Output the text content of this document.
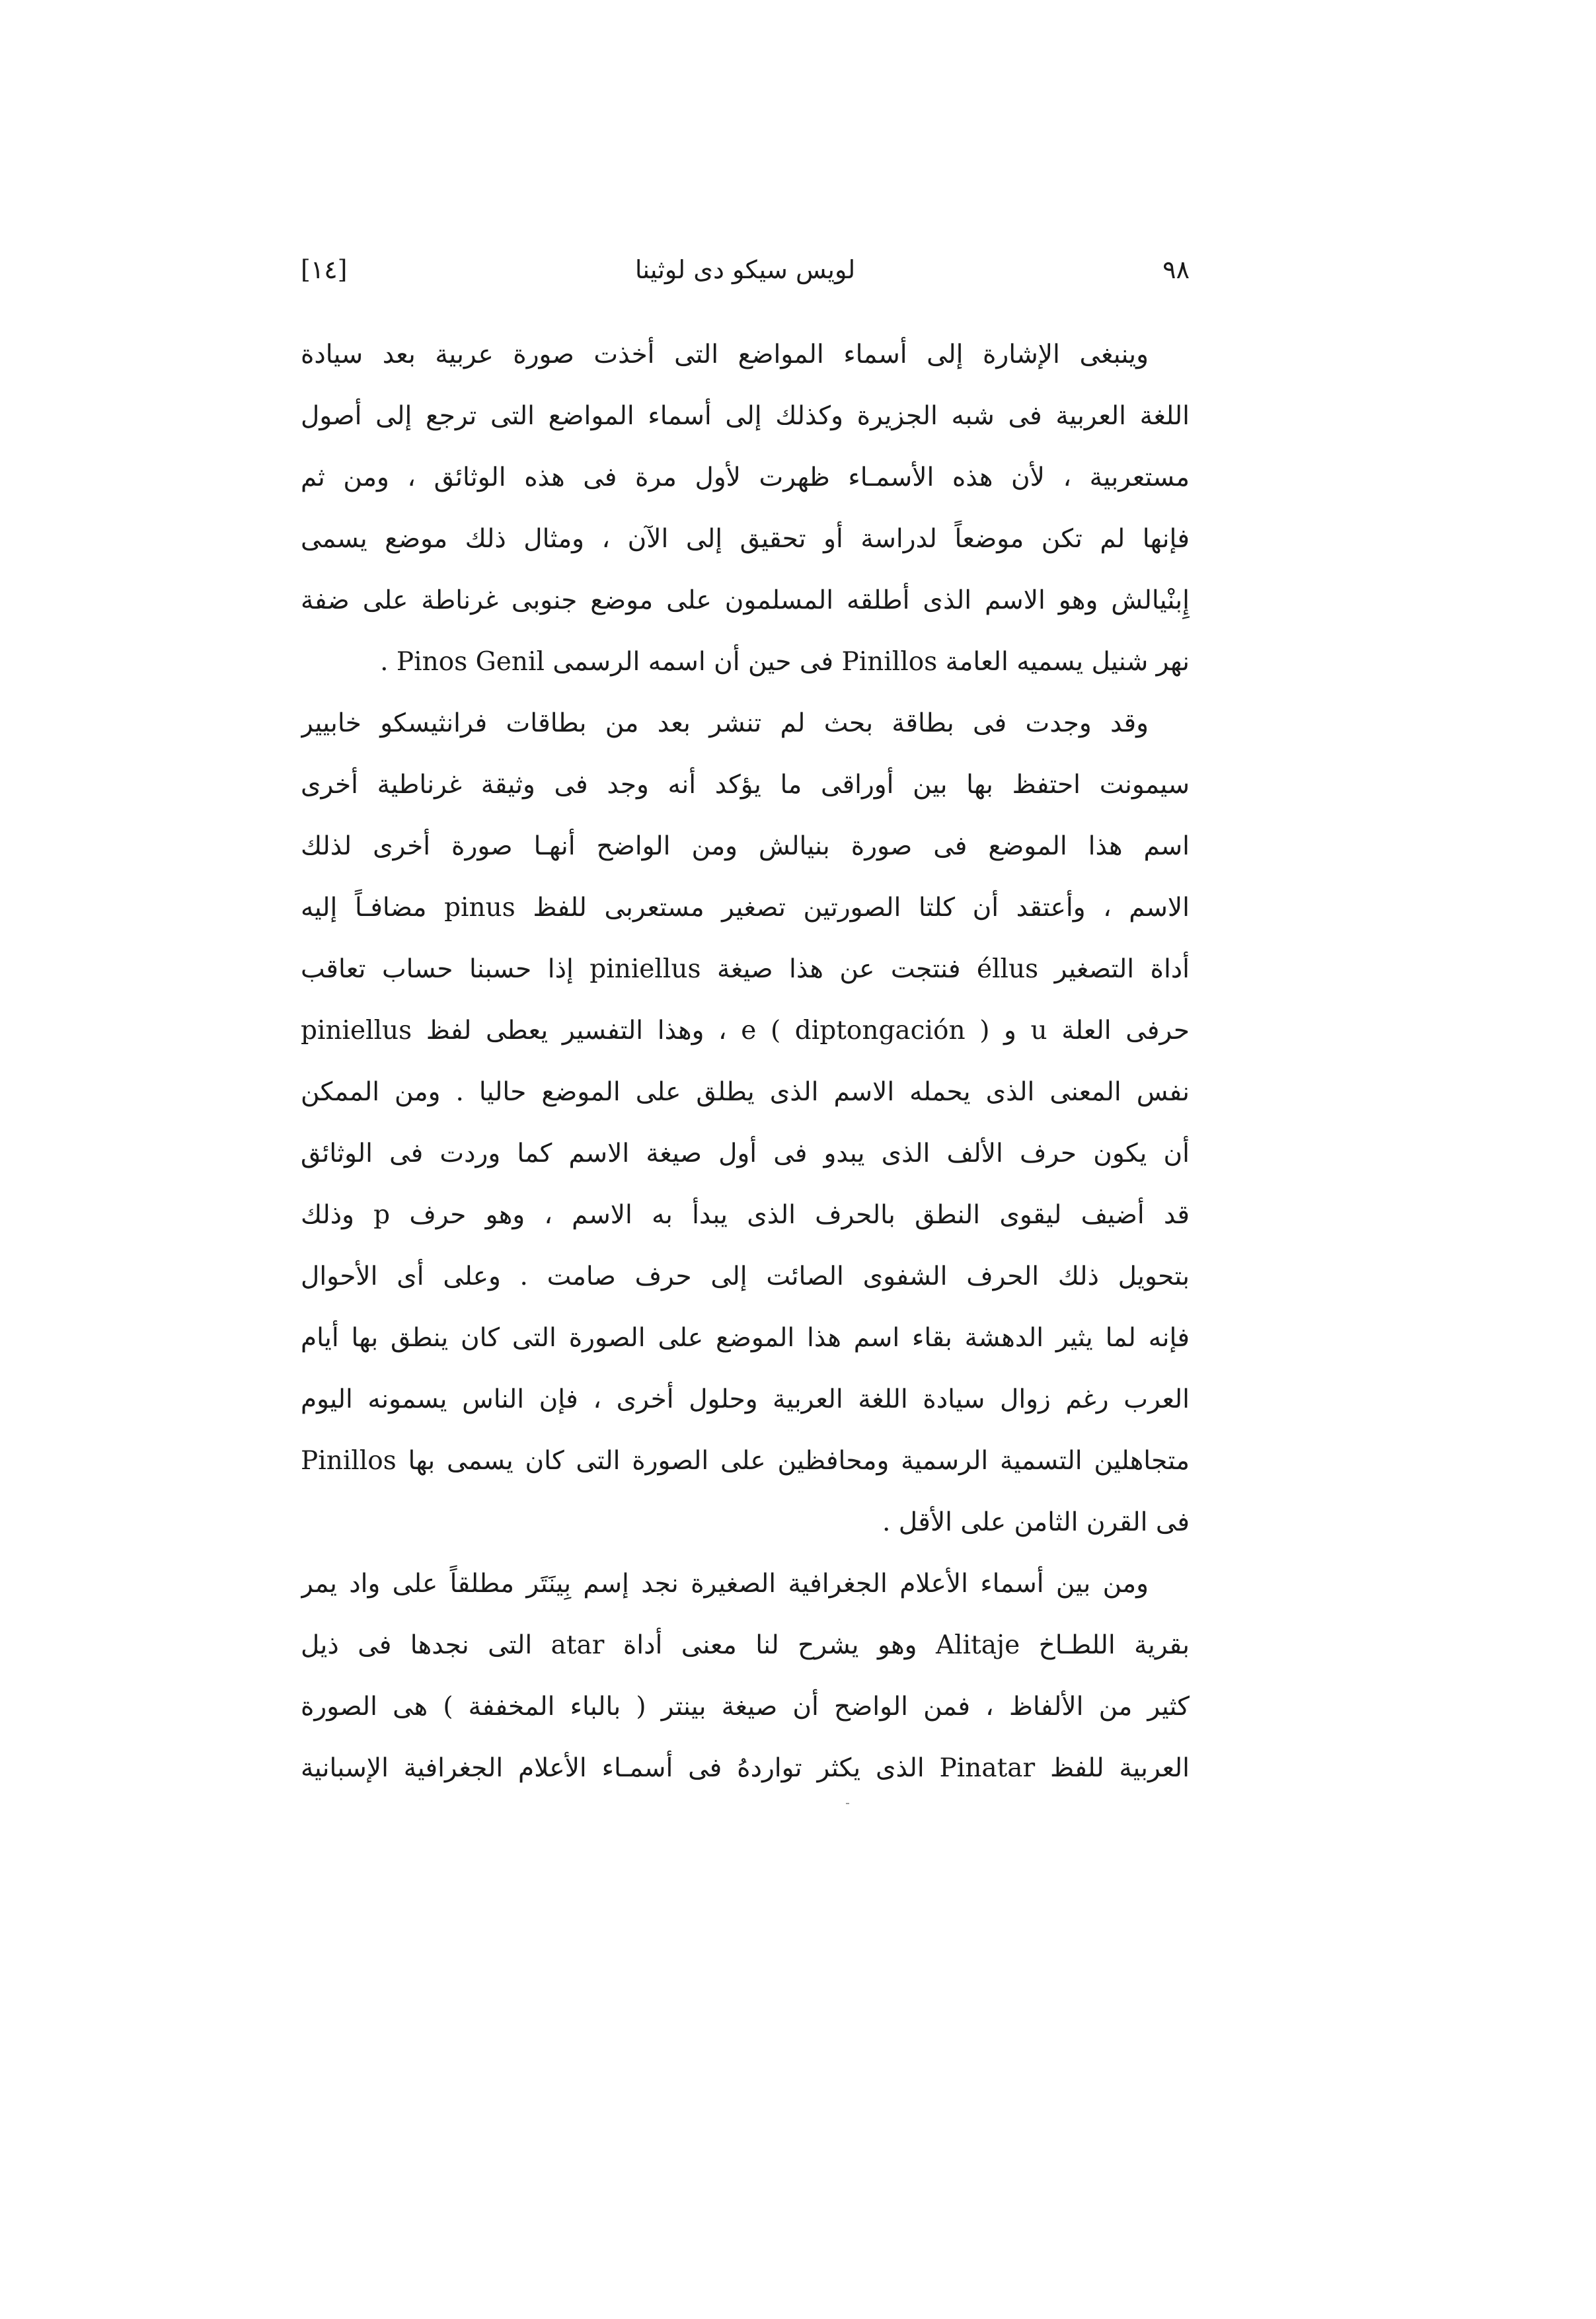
٩٨
لويس سيكو دى لوثينا
[١٤]
وينبغى الإشارة إلى أسماء المواضع التى أخذت صورة عربية بعد سيادة
اللغة العربية فى شبه الجزيرة وكذلك إلى أسماء المواضع التى ترجع إلى أصول
مستعربية ، لأن هذه الأسمـاء ظهرت لأول مرة فى هذه الوثائق ، ومن ثم
فإنها لم تكن موضعاً لدراسة أو تحقيق إلى الآن ، ومثال ذلك موضع يسمى
إِبنْيالش وهو الاسم الذى أطلقه المسلمون على موضع جنوبى غرناطة على ضفة
نهر شنيل يسميه العامة Pinillos فى حين أن اسمه الرسمى Pinos Genil .
وقد وجدت فى بطاقة بحث لم تنشر بعد من بطاقات فرانثيسكو خابيير
سيمونت احتفظ بها بين أوراقى ما يؤكد أنه وجد فى وثيقة غرناطية أخرى
اسم هذا الموضع فى صورة بنيالش ومن الواضح أنهـا صورة أخرى لذلك
الاسم ، وأعتقد أن كلتا الصورتين تصغير مستعربى للفظ pinus مضافـاً إليه
أداة التصغير éllus فنتجت عن هذا صيغة piniellus إذا حسبنا حساب تعاقب
حرفى العلة u و e ( diptongación ) ، وهذا التفسير يعطى لفظ piniellus
نفس المعنى الذى يحمله الاسم الذى يطلق على الموضع حاليا . ومن الممكن
أن يكون حرف الألف الذى يبدو فى أول صيغة الاسم كما وردت فى الوثائق
قد أضيف ليقوى النطق بالحرف الذى يبدأ به الاسم ، وهو حرف p وذلك
بتحويل ذلك الحرف الشفوى الصائت إلى حرف صامت . وعلى أى الأحوال
فإنه لما يثير الدهشة بقاء اسم هذا الموضع على الصورة التى كان ينطق بها أيام
العرب رغم زوال سيادة اللغة العربية وحلول أخرى ، فإن الناس يسمونه اليوم
Pinillos متجاهلين التسمية الرسمية ومحافظين على الصورة التى كان يسمى بها
فى القرن الثامن على الأقل .
ومن بين أسماء الأعلام الجغرافية الصغيرة نجد إسم بِينَتَر مطلقاً على واد يمر
بقرية اللطـاخ Alitaje وهو يشرح لنا معنى أداة atar التى نجدها فى ذيل
كثير من الألفاظ ، فمن الواضح أن صيغة بينتر ( بالباء المخففة ) هى الصورة
العربية للفظ Pinatar الذى يكثر تواردهُ فى أسمـاء الأعلام الجغرافية الإسبانية
